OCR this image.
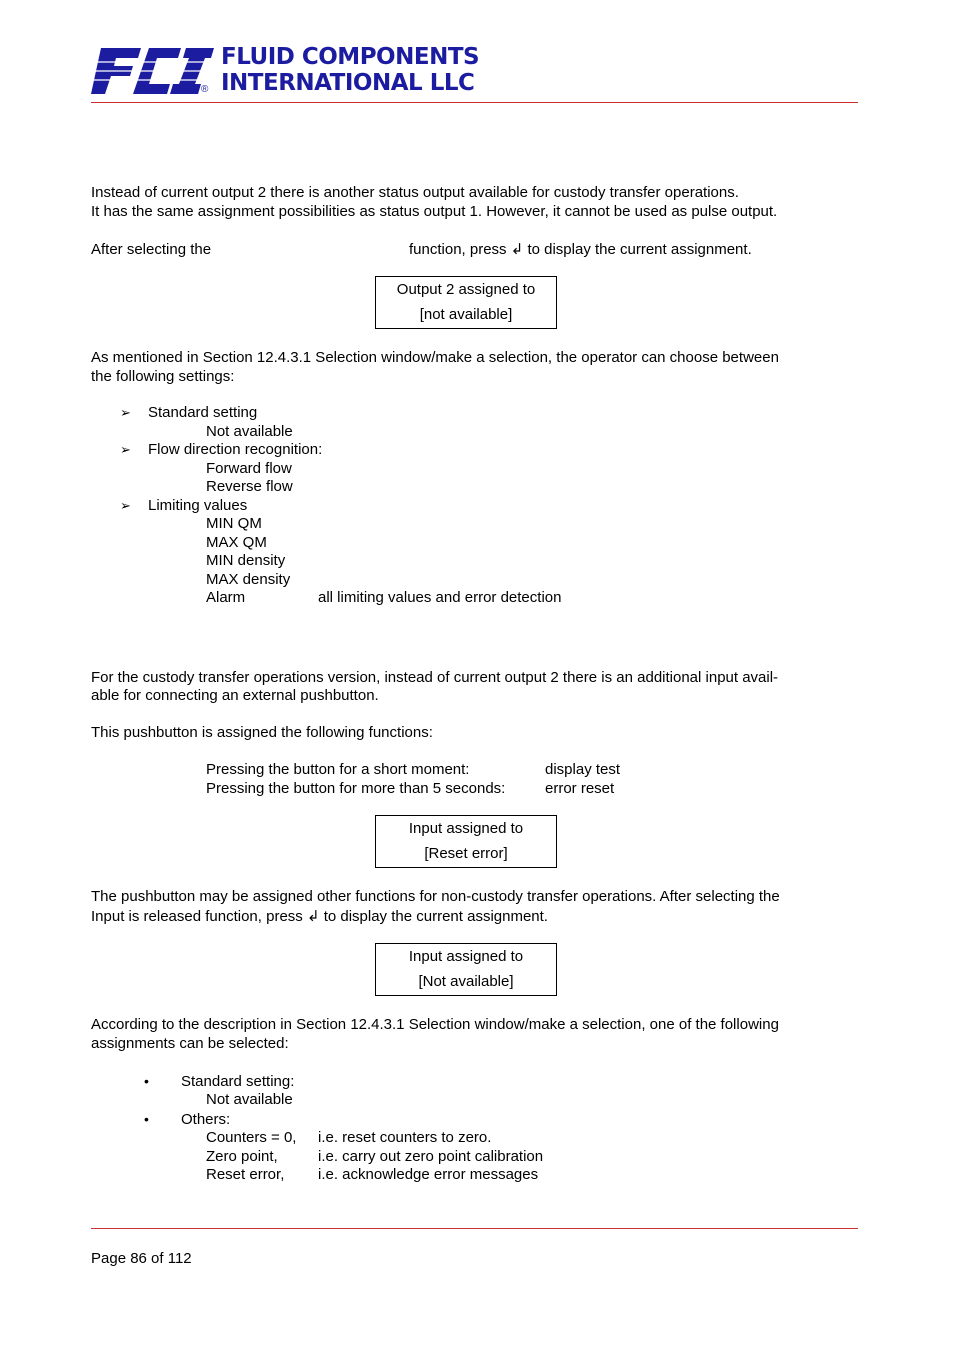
®
FLUID COMPONENTS
INTERNATIONAL LLC
Instead of current output 2 there is another status output available for custody transfer operations.
It has the same assignment possibilities as status output 1. However, it cannot be used as pulse output.
After selecting the	function, press ↲ to display the current assignment.
Output 2 assigned to
[not available]
As mentioned in Section 12.4.3.1 Selection window/make a selection, the operator can choose between
the following settings:
➢ Standard setting
Not available
➢ Flow direction recognition:
Forward flow
Reverse flow
➢ Limiting values
MIN QM
MAX QM
MIN density
MAX density
Alarm	all limiting values and error detection
For the custody transfer operations version, instead of current output 2 there is an additional input avail-
able for connecting an external pushbutton.
This pushbutton is assigned the following functions:
Pressing the button for a short moment:	display test
Pressing the button for more than 5 seconds:	error reset
Input assigned to
[Reset error]
The pushbutton may be assigned other functions for non-custody transfer operations. After selecting the
Input is released function, press ↲ to display the current assignment.
Input assigned to
[Not available]
According to the description in Section 12.4.3.1 Selection window/make a selection, one of the following
assignments can be selected:
• Standard setting:
Not available
• Others:
Counters = 0, i.e. reset counters to zero.
Zero point,	i.e. carry out zero point calibration
Reset error, i.e. acknowledge error messages
Page 86 of 112
